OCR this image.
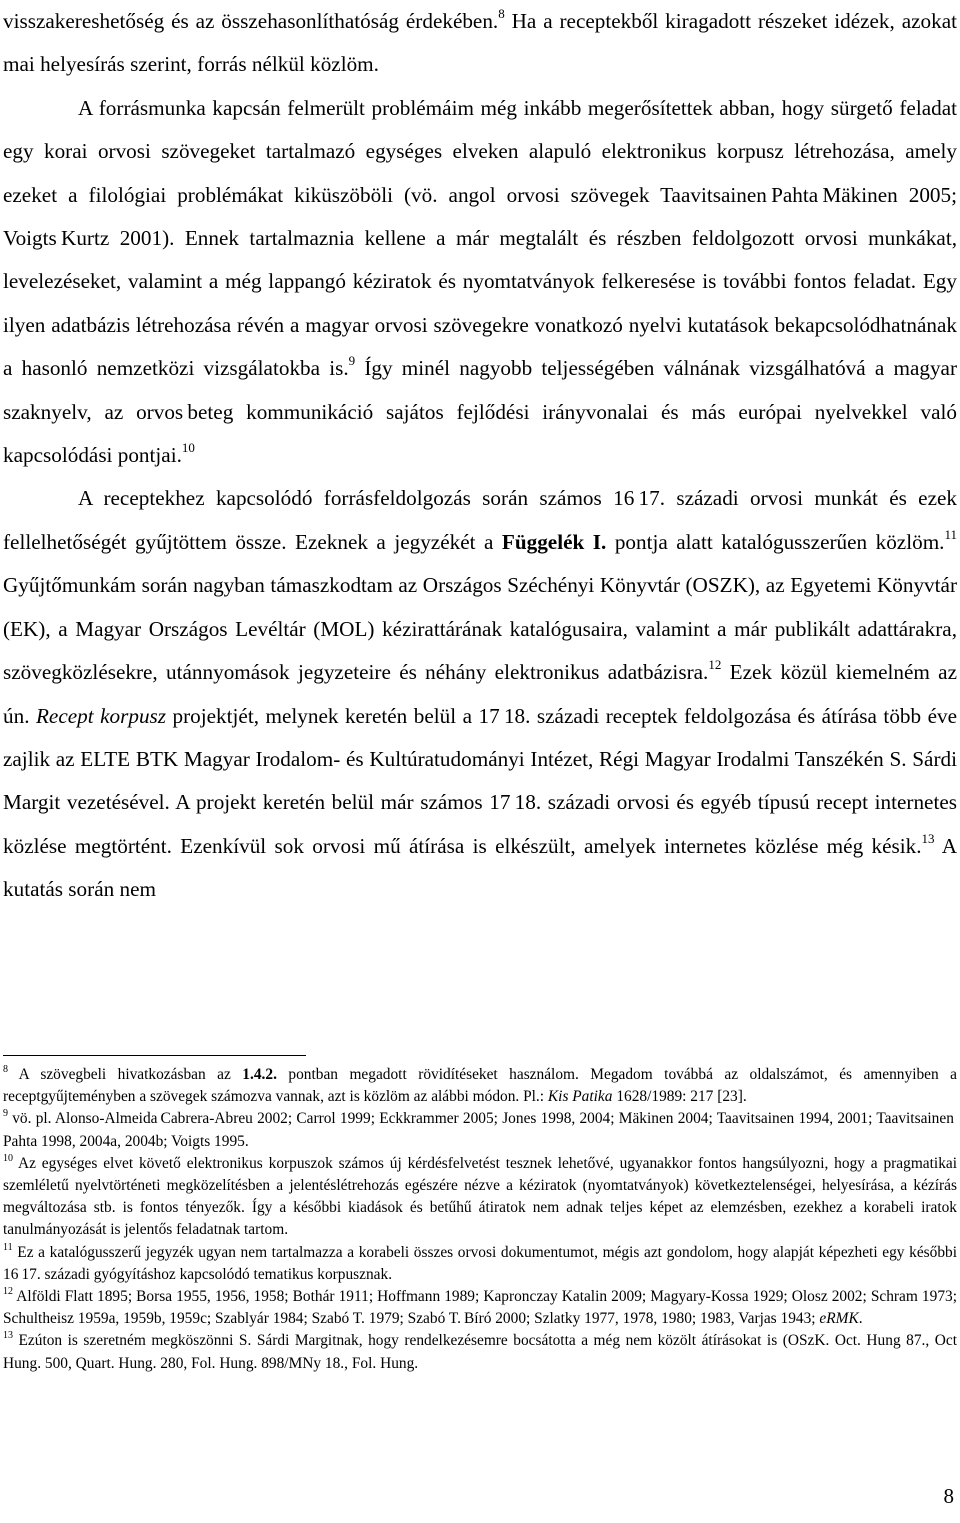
visszakereshetőség és az összehasonlíthatóság érdekében.$^8$ Ha a receptekből kiragadott részeket idézek, azokat mai helyesírás szerint, forrás nélkül közlöm.

A forrásmunka kapcsán felmerült problémáim még inkább megerősítettek abban, hogy sürgető feladat egy korai orvosi szövegeket tartalmazó egységes elveken alapuló elektronikus korpusz létrehozása, amely ezeket a filológiai problémákat kiküszöböli (vö. angol orvosi szövegek Taavitsainen Pahta Mäkinen 2005; Voigts Kurtz 2001). Ennek tartalmaznia kellene a már megtalált és részben feldolgozott orvosi munkákat, levelezéseket, valamint a még lappangó kéziratok és nyomtatványok felkeresése is további fontos feladat. Egy ilyen adatbázis létrehozása révén a magyar orvosi szövegekre vonatkozó nyelvi kutatások bekapcsolódhatnának a hasonló nemzetközi vizsgálatokba is.$^9$ Így minél nagyobb teljességében válnának vizsgálhatóvá a magyar szaknyelv, az orvos beteg kommunikáció sajátos fejlődési irányvonalai és más európai nyelvekkel való kapcsolódási pontjai.$^{10}$

A receptekhez kapcsolódó forrásfeldolgozás során számos 16 17. századi orvosi munkát és ezek fellelhetőségét gyűjtöttem össze. Ezeknek a jegyzékét a Függelék I. pontja alatt katalógusszerűen közlöm.$^{11}$ Gyűjtőmunkám során nagyban támaszkodtam az Országos Széchényi Könyvtár (OSZK), az Egyetemi Könyvtár (EK), a Magyar Országos Levéltár (MOL) kézirattárának katalógusaira, valamint a már publikált adattárakra, szövegközlésekre, utánnyomások jegyzeteire és néhány elektronikus adatbázisra.$^{12}$ Ezek közül kiemelném az ún. Recept korpusz projektjét, melynek keretén belül a 17 18. századi receptek feldolgozása és átírása több éve zajlik az ELTE BTK Magyar Irodalom- és Kultúratudományi Intézet, Régi Magyar Irodalmi Tanszékén S. Sárdi Margit vezetésével. A projekt keretén belül már számos 17 18. századi orvosi és egyéb típusú recept internetes közlése megtörtént. Ezenkívül sok orvosi mű átírása is elkészült, amelyek internetes közlése még késik.$^{13}$ A kutatás során nem

$^8$ A szövegbeli hivatkozásban az 1.4.2. pontban megadott rövidítéseket használom. Megadom továbbá az oldalszámot, és amennyiben a receptgyűjteményben a szövegek számozva vannak, azt is közlöm az alábbi módon. Pl.: Kis Patika 1628/1989: 217 [23].

$^9$ vö. pl. Alonso-Almeida Cabrera-Abreu 2002; Carrol 1999; Eckkrammer 2005; Jones 1998, 2004; Mäkinen 2004; Taavitsainen 1994, 2001; Taavitsainen Pahta 1998, 2004a, 2004b; Voigts 1995.

$^{10}$ Az egységes elvet követő elektronikus korpuszok számos új kérdésfelvetést tesznek lehetővé, ugyanakkor fontos hangsúlyozni, hogy a pragmatikai szemléletű nyelvtörténeti megközelítésben a jelentéslétrehozás egészére nézve a kéziratok (nyomtatványok) következtelenségei, helyesírása, a kézírás megváltozása stb. is fontos tényezők. Így a későbbi kiadások és betűhű átiratok nem adnak teljes képet az elemzésben, ezekhez a korabeli iratok tanulmányozását is jelentős feladatnak tartom.

$^{11}$ Ez a katalógusszerű jegyzék ugyan nem tartalmazza a korabeli összes orvosi dokumentumot, mégis azt gondolom, hogy alapját képezheti egy későbbi 16 17. századi gyógyításhoz kapcsolódó tematikus korpusznak.

$^{12}$ Alföldi Flatt 1895; Borsa 1955, 1956, 1958; Bothár 1911; Hoffmann 1989; Kapronczay Katalin 2009; Magyary-Kossa 1929; Olosz 2002; Schram 1973; Schultheisz 1959a, 1959b, 1959c; Szablyár 1984; Szabó T. 1979; Szabó T. Bíró 2000; Szlatky 1977, 1978, 1980; 1983, Varjas 1943; eRMK.

$^{13}$ Ezúton is szeretném megköszönni S. Sárdi Margitnak, hogy rendelkezésemre bocsátotta a még nem közölt átírásokat is (OSzK. Oct. Hung 87., Oct Hung. 500, Quart. Hung. 280, Fol. Hung. 898/MNy 18., Fol. Hung.

8
